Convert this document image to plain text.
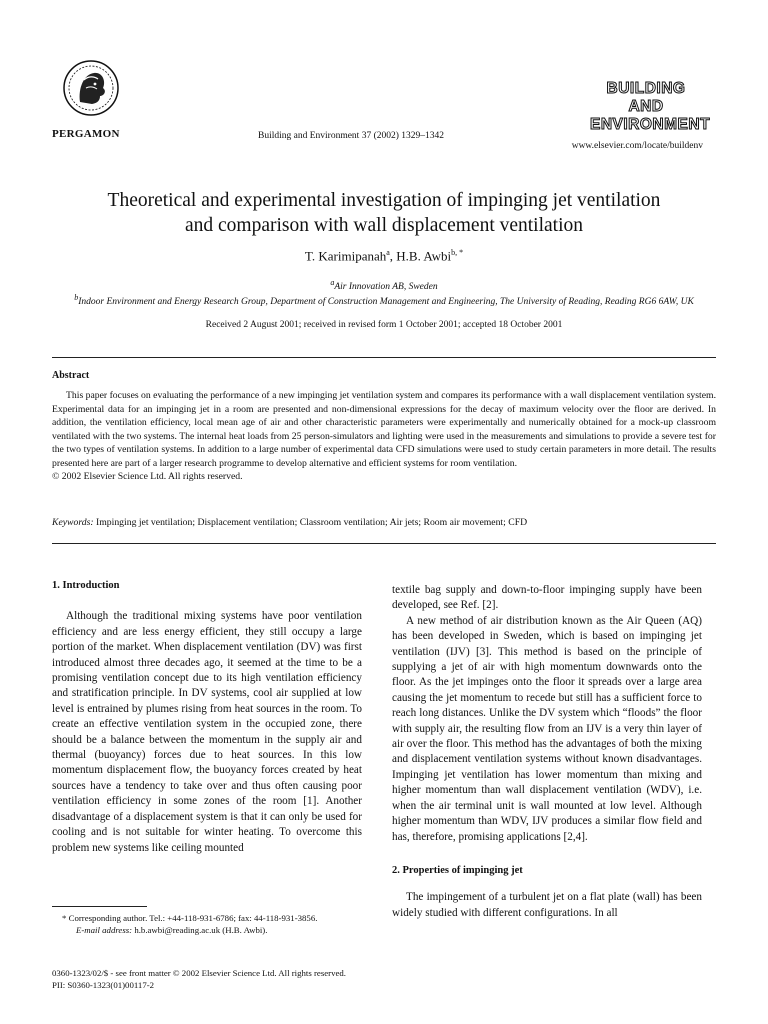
PERGAMON	Building and Environment 37 (2002) 1329–1342
BUILDING AND
ENVIRONMENT
www.elsevier.com/locate/buildenv
Theoretical and experimental investigation of impinging jet ventilation
and comparison with wall displacement ventilation
T. Karimipanah$^a$, H.B. Awbi$^{b, *}$
$^a$Air Innovation AB, Sweden
$^b$Indoor Environment and Energy Research Group, Department of Construction Management and Engineering, The University of Reading, Reading RG6 6AW, UK
Received 2 August 2001; received in revised form 1 October 2001; accepted 18 October 2001
Abstract
This paper focuses on evaluating the performance of a new impinging jet ventilation system and compares its performance with a wall displacement ventilation system. Experimental data for an impinging jet in a room are presented and non-dimensional expressions for the decay of maximum velocity over the floor are derived. In addition, the ventilation efficiency, local mean age of air and other characteristic parameters were experimentally and numerically obtained for a mock-up classroom ventilated with the two systems. The internal heat loads from 25 person-simulators and lighting were used in the measurements and simulations to provide a severe test for the two types of ventilation systems. In addition to a large number of experimental data CFD simulations were used to study certain parameters in more detail. The results presented here are part of a larger research programme to develop alternative and efficient systems for room ventilation.
© 2002 Elsevier Science Ltd. All rights reserved.
Keywords: Impinging jet ventilation; Displacement ventilation; Classroom ventilation; Air jets; Room air movement; CFD
1. Introduction

Although the traditional mixing systems have poor ventilation efficiency and are less energy efficient, they still occupy a large portion of the market. When displacement ventilation (DV) was first introduced almost three decades ago, it seemed at the time to be a promising ventilation concept due to its high ventilation efficiency and stratification principle. In DV systems, cool air supplied at low level is entrained by plumes rising from heat sources in the room. To create an effective ventilation system in the occupied zone, there should be a balance between the momentum in the supply air and thermal (buoyancy) forces due to heat sources. In this low momentum displacement flow, the buoyancy forces created by heat sources have a tendency to take over and thus often causing poor ventilation efficiency in some zones of the room [1]. Another disadvantage of a displacement system is that it can only be used for cooling and is not suitable for winter heating. To overcome this problem new systems like ceiling mounted

textile bag supply and down-to-floor impinging supply have been developed, see Ref. [2].

A new method of air distribution known as the Air Queen (AQ) has been developed in Sweden, which is based on impinging jet ventilation (IJV) [3]. This method is based on the principle of supplying a jet of air with high momentum downwards onto the floor. As the jet impinges onto the floor it spreads over a large area causing the jet momentum to recede but still has a sufficient force to reach long distances. Unlike the DV system which “floods” the floor with supply air, the resulting flow from an IJV is a very thin layer of air over the floor. This method has the advantages of both the mixing and displacement ventilation systems without known disadvantages. Impinging jet ventilation has lower momentum than mixing and higher momentum than wall displacement ventilation (WDV), i.e. when the air terminal unit is wall mounted at low level. Although higher momentum than WDV, IJV produces a similar flow field and has, therefore, promising applications [2,4].

2. Properties of impinging jet

The impingement of a turbulent jet on a flat plate (wall) has been widely studied with different configurations. In all

* Corresponding author. Tel.: +44-118-931-6786; fax: 44-118-931-3856.
E-mail address: h.b.awbi@reading.ac.uk (H.B. Awbi).
0360-1323/02/$ - see front matter © 2002 Elsevier Science Ltd. All rights reserved.
PII: S0360-1323(01)00117-2
